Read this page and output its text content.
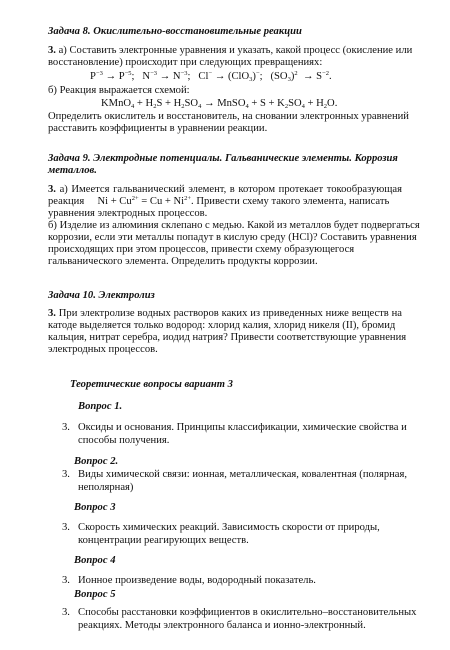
Задача 8. Окислительно-восстановительные реакции
3. а) Составить электронные уравнения и указать, какой процесс (окисление или
восстановление) происходит при следующих превращениях:
$P^{-3} \to P^{-5}$;   $N^{-3} \to N^{-3}$;   Cl− → (ClO$_3$)−;   $(SO_3)^2 \to S^{-2}$.
б) Реакция выражается схемой:
KMnO$_4$ + $H_2S + H_2SO_4$ → MnSO$_4$ + $S + K_2SO_4 + H_2O$.
Определить окислитель и восстановитель, на сновании электронных уравнений
расставить коэффициенты в уравнении реакции.
Задача 9. Электродные потенциалы. Гальванические элементы. Коррозия
металлов.
3. а) Имеется гальванический элемент, в котором протекает токообразующая
реакция     $Ni + Cu^{2+} = Cu + Ni^{2+}$. Привести схему такого элемента, написать
уравнения электродных процессов.
б) Изделие из алюминия склепано с медью. Какой из металлов будет подвергаться
коррозии, если эти металлы попадут в кислую среду (HCl)? Составить уравнения
происходящих при этом процессов, привести схему образующегося
гальванического элемента. Определить продукты коррозии.
Задача 10. Электролиз
3. При электролизе водных растворов каких из приведенных ниже веществ на
катоде выделяется только водород: хлорид калия, хлорид никеля (II), бромид
кальция, нитрат серебра, иодид натрия? Привести соответствующие уравнения
электродных процессов.
Теоретические вопросы вариант 3
Вопрос 1.
3. Оксиды и основания. Принципы классификации, химические свойства и
способы получения.
Вопрос 2.
3. Виды химической связи: ионная, металлическая, ковалентная (полярная,
неполярная)
Вопрос 3
3. Скорость химических реакций. Зависимость скорости от природы,
концентрации реагирующих веществ.
Вопрос 4
3. Ионное произведение воды, водородный показатель.
Вопрос 5
3. Способы расстановки коэффициентов в окислительно–восстановительных
реакциях. Методы электронного баланса и ионно-электронный.
